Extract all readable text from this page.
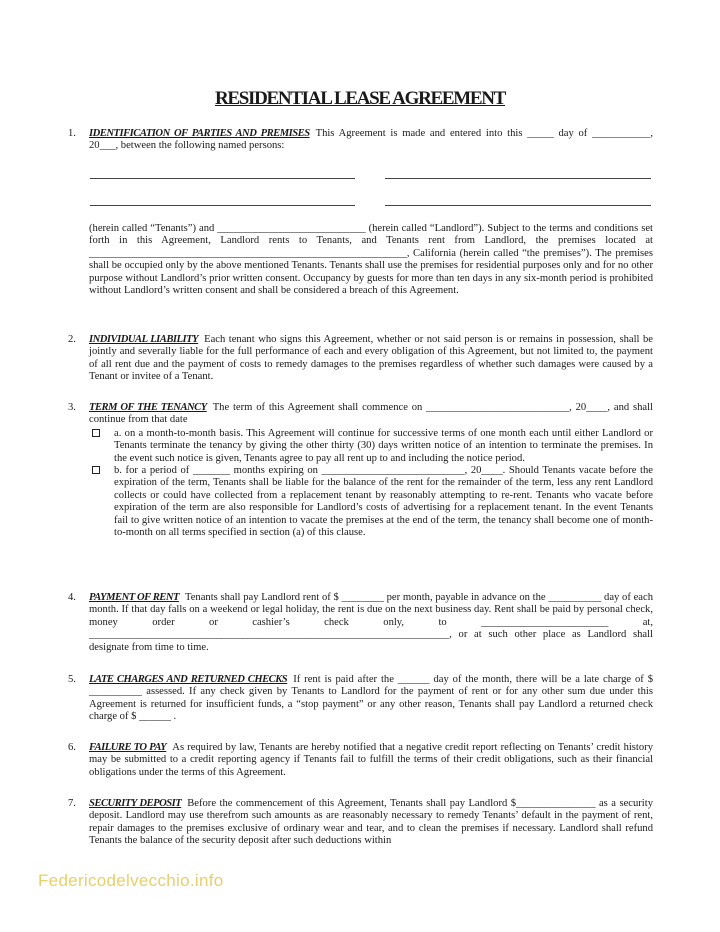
RESIDENTIAL LEASE AGREEMENT
1. IDENTIFICATION OF PARTIES AND PREMISES This Agreement is made and entered into this _____ day of ___________, 20___, between the following named persons:

(herein called “Tenants”) and ____________________________ (herein called “Landlord”). Subject to the terms and conditions set forth in this Agreement, Landlord rents to Tenants, and Tenants rent from Landlord, the premises located at ____________________________________________________________, California (herein called “the premises”). The premises shall be occupied only by the above mentioned Tenants. Tenants shall use the premises for residential purposes only and for no other purpose without Landlord’s prior written consent. Occupancy by guests for more than ten days in any six-month period is prohibited without Landlord’s written consent and shall be considered a breach of this Agreement.

2. INDIVIDUAL LIABILITY Each tenant who signs this Agreement, whether or not said person is or remains in possession, shall be jointly and severally liable for the full performance of each and every obligation of this Agreement, but not limited to, the payment of all rent due and the payment of costs to remedy damages to the premises regardless of whether such damages were caused by a Tenant or invitee of a Tenant.

3. TERM OF THE TENANCY The term of this Agreement shall commence on ___________________________, 20____, and shall continue from that date

a. on a month-to-month basis. This Agreement will continue for successive terms of one month each until either Landlord or Tenants terminate the tenancy by giving the other thirty (30) days written notice of an intention to terminate the premises. In the event such notice is given, Tenants agree to pay all rent up to and including the notice period.
b. for a period of _______ months expiring on ___________________________, 20____. Should Tenants vacate before the expiration of the term, Tenants shall be liable for the balance of the rent for the remainder of the term, less any rent Landlord collects or could have collected from a replacement tenant by reasonably attempting to re-rent. Tenants who vacate before expiration of the term are also responsible for Landlord’s costs of advertising for a replacement tenant. In the event Tenants fail to give written notice of an intention to vacate the premises at the end of the term, the tenancy shall become one of month-to-month on all terms specified in section (a) of this clause.
4. PAYMENT OF RENT Tenants shall pay Landlord rent of $ ________ per month, payable in advance on the __________ day of each month. If that day falls on a weekend or legal holiday, the rent is due on the next business day. Rent shall be paid by personal check, money order or cashier’s check only, to ________________________ at, ____________________________________________________________________, or at such other place as Landlord shall designate from time to time.

5. LATE CHARGES AND RETURNED CHECKS If rent is paid after the ______ day of the month, there will be a late charge of $ __________ assessed. If any check given by Tenants to Landlord for the payment of rent or for any other sum due under this Agreement is returned for insufficient funds, a “stop payment” or any other reason, Tenants shall pay Landlord a returned check charge of $ ______ .

6. FAILURE TO PAY As required by law, Tenants are hereby notified that a negative credit report reflecting on Tenants’ credit history may be submitted to a credit reporting agency if Tenants fail to fulfill the terms of their credit obligations, such as their financial obligations under the terms of this Agreement.

7. SECURITY DEPOSIT Before the commencement of this Agreement, Tenants shall pay Landlord $_______________ as a security deposit. Landlord may use therefrom such amounts as are reasonably necessary to remedy Tenants’ default in the payment of rent, repair damages to the premises exclusive of ordinary wear and tear, and to clean the premises if necessary. Landlord shall refund Tenants the balance of the security deposit after such deductions within

Federicodelvecchio.info
